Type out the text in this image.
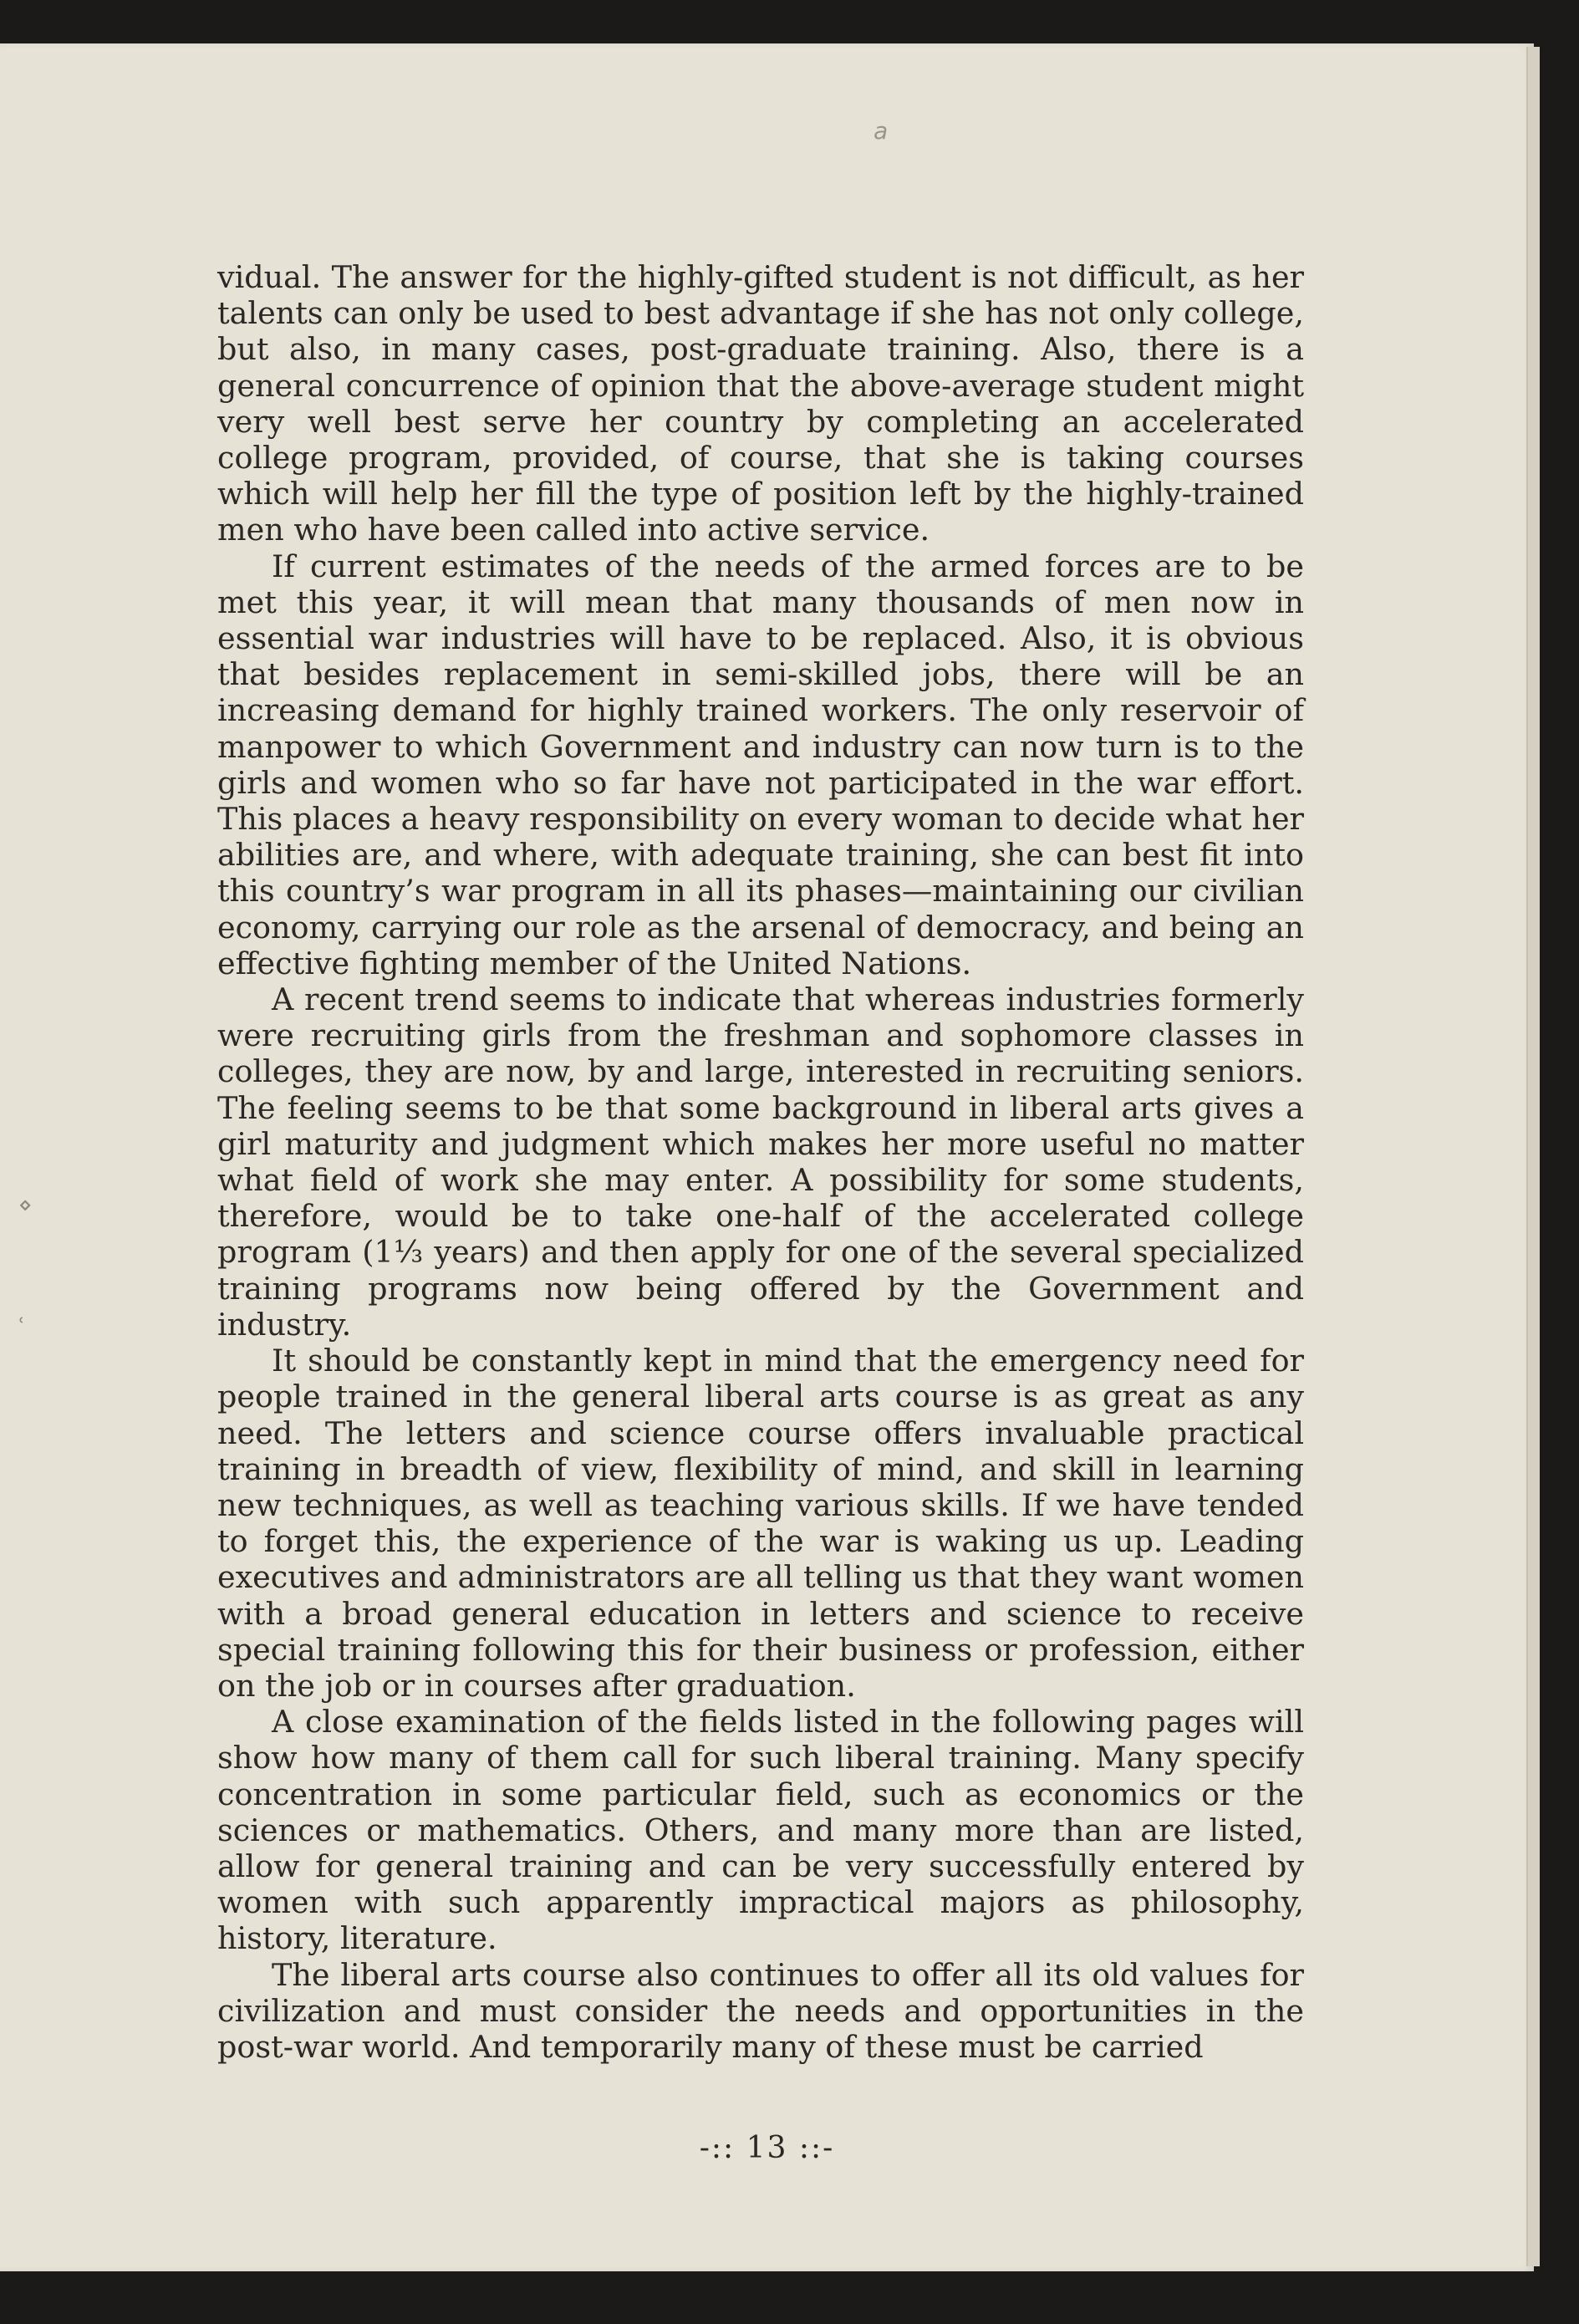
a
⋄
ʿ

vidual. The answer for the highly-gifted student is not difficult, as her talents can only be used to best advantage if she has not only college, but also, in many cases, post-graduate training. Also, there is a general concurrence of opinion that the above-average student might very well best serve her country by completing an accelerated college program, provided, of course, that she is taking courses which will help her fill the type of position left by the highly-trained men who have been called into active service.

If current estimates of the needs of the armed forces are to be met this year, it will mean that many thousands of men now in essential war industries will have to be replaced. Also, it is obvious that besides replacement in semi-skilled jobs, there will be an increasing demand for highly trained workers. The only reservoir of manpower to which Government and industry can now turn is to the girls and women who so far have not participated in the war effort. This places a heavy responsibility on every woman to decide what her abilities are, and where, with adequate training, she can best fit into this country’s war program in all its phases—maintaining our civilian economy, carrying our role as the arsenal of democracy, and being an effective fighting member of the United Nations.

A recent trend seems to indicate that whereas industries formerly were recruiting girls from the freshman and sophomore classes in colleges, they are now, by and large, interested in recruiting seniors. The feeling seems to be that some background in liberal arts gives a girl maturity and judgment which makes her more useful no matter what field of work she may enter. A possibility for some students, therefore, would be to take one-half of the accelerated college program (1⅓ years) and then apply for one of the several specialized training programs now being offered by the Government and industry.

It should be constantly kept in mind that the emergency need for people trained in the general liberal arts course is as great as any need. The letters and science course offers invaluable practical training in breadth of view, flexibility of mind, and skill in learning new techniques, as well as teaching various skills. If we have tended to forget this, the experience of the war is waking us up. Leading executives and administrators are all telling us that they want women with a broad general education in letters and science to receive special training following this for their business or profession, either on the job or in courses after graduation.

A close examination of the fields listed in the following pages will show how many of them call for such liberal training. Many specify concentration in some particular field, such as economics or the sciences or mathematics. Others, and many more than are listed, allow for general training and can be very successfully entered by women with such apparently impractical majors as philosophy, history, literature.

The liberal arts course also continues to offer all its old values for civilization and must consider the needs and opportunities in the post-war world. And temporarily many of these must be carried

-:: 13 ::-
